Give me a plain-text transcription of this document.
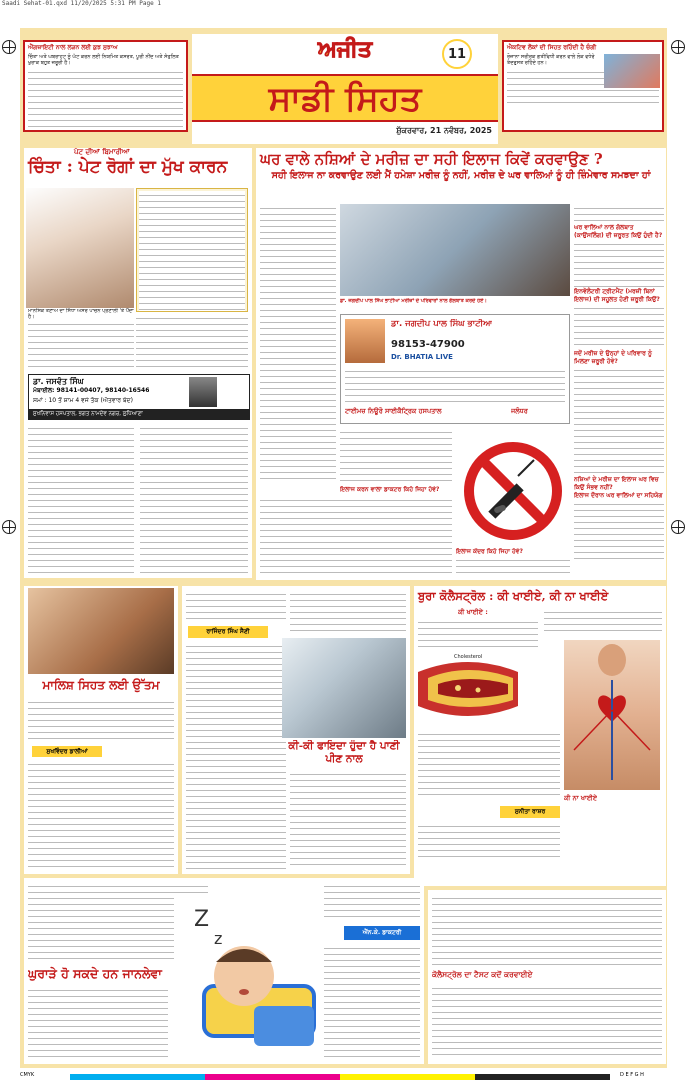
Saadi Sehat-01.qxd 11/20/2025 5:31 PM Page 1
ਐਂਗਜ਼ਾਇਟੀ ਨਾਲ ਲੜਨ ਲਈ ਕੁਝ ਸੁਝਾਅ
ਚਿੰਤਾ ਅਤੇ ਘਬਰਾਹਟ ਨੂੰ ਘੱਟ ਕਰਨ ਲਈ ਨਿਯਮਿਤ ਕਸਰਤ, ਪੂਰੀ ਨੀਂਦ ਅਤੇ ਸੰਤੁਲਿਤ ਖੁਰਾਕ ਬਹੁਤ ਜ਼ਰੂਰੀ ਹੈ।
ਅਜੀਤ	11
ਸਾਡੀ ਸਿਹਤ
ਸ਼ੁੱਕਰਵਾਰ, 21 ਨਵੰਬਰ, 2025
ਐਕਟਿਵ ਲੋਕਾਂ ਦੀ ਸਿਹਤ ਰਹਿੰਦੀ ਹੈ ਚੰਗੀ
ਰੋਜ਼ਾਨਾ ਸਰੀਰਕ ਗਤੀਵਿਧੀ ਕਰਨ ਵਾਲੇ ਲੋਕ ਵਧੇਰੇ ਤੰਦਰੁਸਤ ਰਹਿੰਦੇ ਹਨ।
ਪੇਟ ਦੀਆਂ ਬਿਮਾਰੀਆਂ
ਚਿੰਤਾ : ਪੇਟ ਰੋਗਾਂ ਦਾ ਮੁੱਖ ਕਾਰਨ
ਮਾਨਸਿਕ ਤਣਾਅ ਦਾ ਸਿੱਧਾ ਅਸਰ ਪਾਚਨ ਪ੍ਰਣਾਲੀ 'ਤੇ ਪੈਂਦਾ ਹੈ।
ਡਾ. ਜਸਵੰਤ ਸਿੰਘ
ਮੋਬਾਈਲ: 98141-00407, 98140-16546
ਸਮਾਂ : 10 ਤੋਂ ਸ਼ਾਮ 4 ਵਜੇ ਤੱਕ (ਐਤਵਾਰ ਬੰਦ)
ਸੁਖਨਿਵਾਸ ਹਸਪਤਾਲ, ਭਗਤ ਨਾਮਦੇਵ ਨਗਰ, ਲੁਧਿਆਣਾ
ਘਰ ਵਾਲੇ ਨਸ਼ਿਆਂ ਦੇ ਮਰੀਜ਼ ਦਾ ਸਹੀ ਇਲਾਜ ਕਿਵੇਂ ਕਰਵਾਉਣ ?
ਸਹੀ ਇਲਾਜ ਨਾ ਕਰਵਾਉਣ ਲਈ ਮੈਂ ਹਮੇਸ਼ਾ ਮਰੀਜ਼ ਨੂੰ ਨਹੀਂ, ਮਰੀਜ਼ ਦੇ ਘਰ ਵਾਲਿਆਂ ਨੂੰ ਹੀ ਜ਼ਿੰਮੇਵਾਰ ਸਮਝਦਾ ਹਾਂ
ਡਾ. ਜਗਦੀਪ ਪਾਲ ਸਿੰਘ ਭਾਟੀਆ ਮਰੀਜ਼ਾਂ ਦੇ ਪਰਿਵਾਰਾਂ ਨਾਲ ਗੱਲਬਾਤ ਕਰਦੇ ਹੋਏ।
ਡਾ. ਜਗਦੀਪ ਪਾਲ ਸਿੰਘ ਭਾਟੀਆ
98153-47900
Dr. BHATIA LIVE
ਟਾਈਮਜ਼ ਨਿਊਰੋ ਸਾਈਕੈਟ੍ਰਿਕ ਹਸਪਤਾਲ	ਜਲੰਧਰ
ਇਲਾਜ ਕਰਨ ਵਾਲਾ ਡਾਕਟਰ ਕਿਹੋ ਜਿਹਾ ਹੋਵੇ?
ਇਲਾਜ ਕੇਂਦਰ ਕਿਹੋ ਜਿਹਾ ਹੋਵੇ?
ਘਰ ਵਾਲਿਆਂ ਨਾਲ ਗੱਲਬਾਤ (ਕਾਉਂਸਲਿੰਗ) ਦੀ ਜ਼ਰੂਰਤ ਕਿਉਂ ਹੁੰਦੀ ਹੈ?
ਇਨਵੋਲੰਟਰੀ ਟ੍ਰੀਟਮੈਂਟ (ਮਰਜ਼ੀ ਬਿਨਾਂ ਇਲਾਜ) ਦੀ ਸਹੂਲਤ ਹੋਣੀ ਜ਼ਰੂਰੀ ਕਿਉਂ?
ਜਦੋਂ ਮਰੀਜ਼ ਦੇ ਉਨ੍ਹਾਂ ਦੇ ਪਰਿਵਾਰ ਨੂੰ ਮਿਲਣਾ ਜ਼ਰੂਰੀ ਹੋਵੇ?
ਨਸ਼ਿਆਂ ਦੇ ਮਰੀਜ਼ ਦਾ ਇਲਾਜ ਘਰ ਵਿਚ ਕਿਉਂ ਸੰਭਵ ਨਹੀਂ?
ਇਲਾਜ ਦੌਰਾਨ ਘਰ ਵਾਲਿਆਂ ਦਾ ਸਹਿਯੋਗ
ਮਾਲਿਸ਼ ਸਿਹਤ ਲਈ ਉੱਤਮ
ਸੁਖਵਿੰਦਰ ਡਾਲੀਆਂ
ਰਾਜਿੰਦਰ ਸਿੰਘ ਸੈਣੀ
ਕੀ-ਕੀ ਫਾਇਦਾ ਹੁੰਦਾ ਹੈ ਪਾਣੀ ਪੀਣ ਨਾਲ
ਬੁਰਾ ਕੋਲੈਸਟ੍ਰੋਲ : ਕੀ ਖਾਈਏ, ਕੀ ਨਾ ਖਾਈਏ
ਕੀ ਖਾਈਏ :
Cholesterol
ਸੁਨੀਤਾ ਰਾਸ਼ਰ
ਕੀ ਨਾ ਖਾਈਏ
ਘੁਰਾੜੇ ਹੋ ਸਕਦੇ ਹਨ ਜਾਨਲੇਵਾ
Z
z	ਐੱਨ.ਕੇ. ਡਾਕਟਰੀ
ਕੋਲੈਸਟ੍ਰੋਲ ਦਾ ਟੈਸਟ ਕਦੋਂ ਕਰਵਾਈਏ
CMYK	D E F G H
